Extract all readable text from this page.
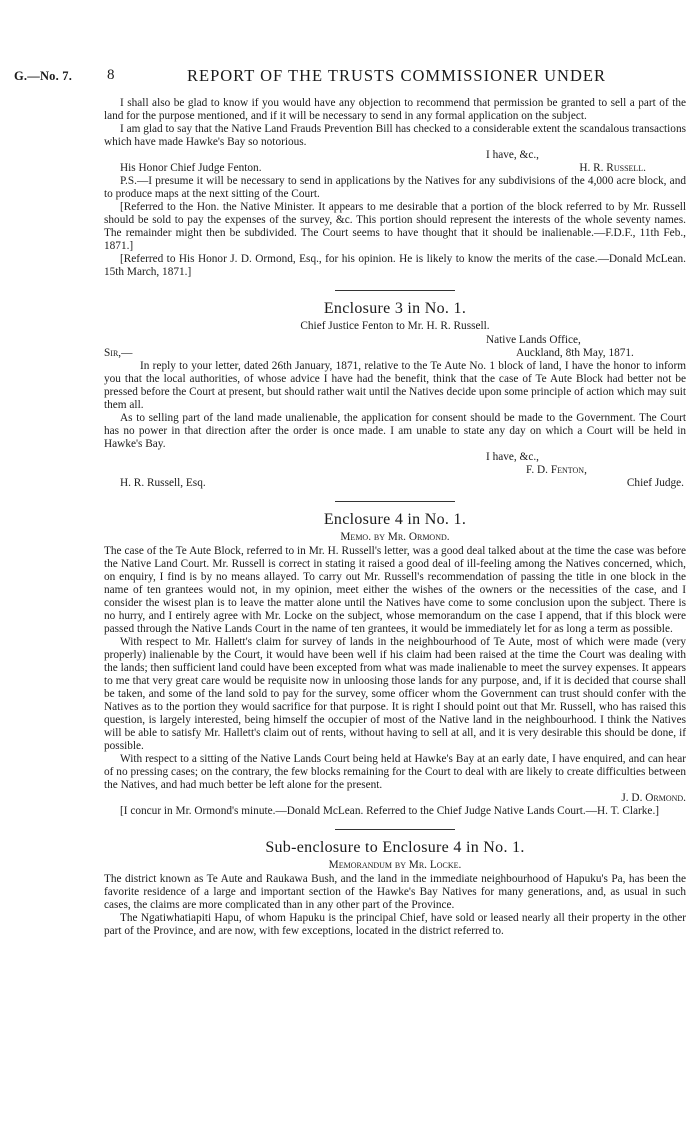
G.—No. 7. 8	REPORT OF THE TRUSTS COMMISSIONER UNDER

I shall also be glad to know if you would have any objection to recommend that permission be granted to sell a part of the land for the purpose mentioned, and if it will be necessary to send in any formal application on the subject.

I am glad to say that the Native Land Frauds Prevention Bill has checked to a considerable extent the scandalous transactions which have made Hawke's Bay so notorious.

I have, &c.,

His Honor Chief Judge Fenton.	H. R. Russell.

P.S.—I presume it will be necessary to send in applications by the Natives for any subdivisions of the 4,000 acre block, and to produce maps at the next sitting of the Court.

[Referred to the Hon. the Native Minister. It appears to me desirable that a portion of the block referred to by Mr. Russell should be sold to pay the expenses of the survey, &c. This portion should represent the interests of the whole seventy names. The remainder might then be subdivided. The Court seems to have thought that it should be inalienable.—F.D.F., 11th Feb., 1871.]

[Referred to His Honor J. D. Ormond, Esq., for his opinion. He is likely to know the merits of the case.—Donald McLean. 15th March, 1871.]

Enclosure 3 in No. 1.
Chief Justice Fenton to Mr. H. R. Russell.

Native Lands Office,

Sir,—	Auckland, 8th May, 1871.

In reply to your letter, dated 26th January, 1871, relative to the Te Aute No. 1 block of land, I have the honor to inform you that the local authorities, of whose advice I have had the benefit, think that the case of Te Aute Block had better not be pressed before the Court at present, but should rather wait until the Natives decide upon some principle of action which may suit them all.

As to selling part of the land made unalienable, the application for consent should be made to the Government. The Court has no power in that direction after the order is once made. I am unable to state any day on which a Court will be held in Hawke's Bay.

I have, &c.,

F. D. Fenton,

H. R. Russell, Esq.	Chief Judge.
Enclosure 4 in No. 1.
Memo. by Mr. Ormond.

The case of the Te Aute Block, referred to in Mr. H. Russell's letter, was a good deal talked about at the time the case was before the Native Land Court. Mr. Russell is correct in stating it raised a good deal of ill-feeling among the Natives concerned, which, on enquiry, I find is by no means allayed. To carry out Mr. Russell's recommendation of passing the title in one block in the name of ten grantees would not, in my opinion, meet either the wishes of the owners or the necessities of the case, and I consider the wisest plan is to leave the matter alone until the Natives have come to some conclusion upon the subject. There is no hurry, and I entirely agree with Mr. Locke on the subject, whose memorandum on the case I append, that if this block were passed through the Native Lands Court in the name of ten grantees, it would be immediately let for as long a term as possible.

With respect to Mr. Hallett's claim for survey of lands in the neighbourhood of Te Aute, most of which were made (very properly) inalienable by the Court, it would have been well if his claim had been raised at the time the Court was dealing with the lands; then sufficient land could have been excepted from what was made inalienable to meet the survey expenses. It appears to me that very great care would be requisite now in unloosing those lands for any purpose, and, if it is decided that course shall be taken, and some of the land sold to pay for the survey, some officer whom the Government can trust should confer with the Natives as to the portion they would sacrifice for that purpose. It is right I should point out that Mr. Russell, who has raised this question, is largely interested, being himself the occupier of most of the Native land in the neighbourhood. I think the Natives will be able to satisfy Mr. Hallett's claim out of rents, without having to sell at all, and it is very desirable this should be done, if possible.

With respect to a sitting of the Native Lands Court being held at Hawke's Bay at an early date, I have enquired, and can hear of no pressing cases; on the contrary, the few blocks remaining for the Court to deal with are likely to create difficulties between the Natives, and had much better be left alone for the present.

J. D. Ormond.

[I concur in Mr. Ormond's minute.—Donald McLean. Referred to the Chief Judge Native Lands Court.—H. T. Clarke.]

Sub-enclosure to Enclosure 4 in No. 1.
Memorandum by Mr. Locke.

The district known as Te Aute and Raukawa Bush, and the land in the immediate neighbourhood of Hapuku's Pa, has been the favorite residence of a large and important section of the Hawke's Bay Natives for many generations, and, as usual in such cases, the claims are more complicated than in any other part of the Province.

The Ngatiwhatiapiti Hapu, of whom Hapuku is the principal Chief, have sold or leased nearly all their property in the other part of the Province, and are now, with few exceptions, located in the district referred to.
